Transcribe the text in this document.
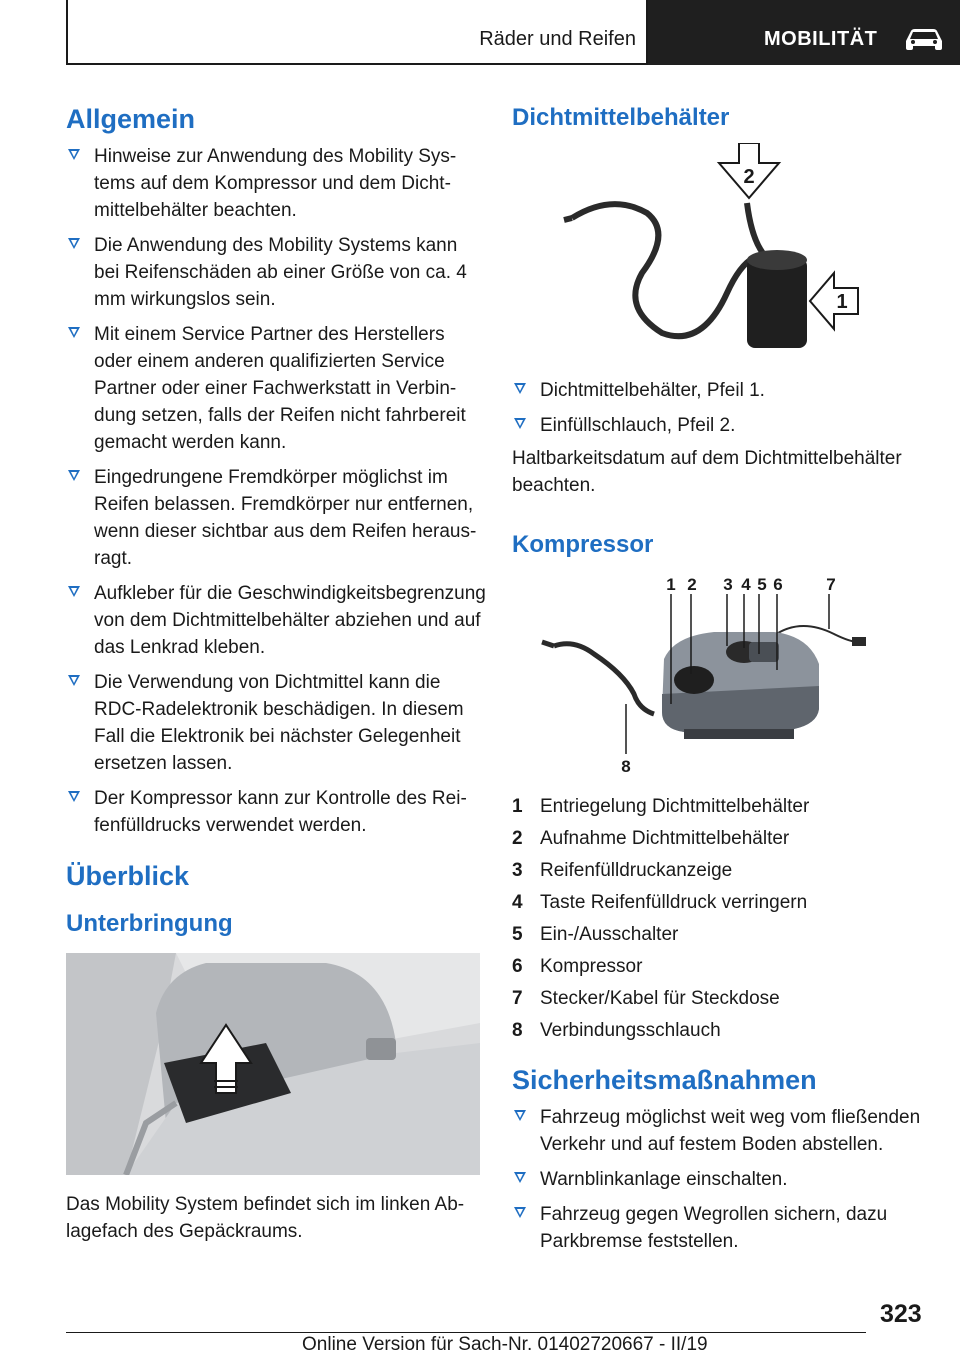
Räder und Reifen	MOBILITÄT
Allgemein
Hinweise zur Anwendung des Mobility Systems auf dem Kompressor und dem Dichtmittelbehälter beachten.
Die Anwendung des Mobility Systems kann bei Reifenschäden ab einer Größe von ca. 4 mm wirkungslos sein.
Mit einem Service Partner des Herstellers oder einem anderen qualifizierten Service Partner oder einer Fachwerkstatt in Verbindung setzen, falls der Reifen nicht fahrbereit gemacht werden kann.
Eingedrungene Fremdkörper möglichst im Reifen belassen. Fremdkörper nur entfernen, wenn dieser sichtbar aus dem Reifen herausragt.
Aufkleber für die Geschwindigkeitsbegrenzung von dem Dichtmittelbehälter abziehen und auf das Lenkrad kleben.
Die Verwendung von Dichtmittel kann die RDC-Radelektronik beschädigen. In diesem Fall die Elektronik bei nächster Gelegenheit ersetzen lassen.
Der Kompressor kann zur Kontrolle des Reifenfülldrucks verwendet werden.
Überblick
Unterbringung

Das Mobility System befindet sich im linken Ablagefach des Gepäckraums.

Dichtmittelbehälter
2
1
Dichtmittelbehälter, Pfeil 1.
Einfüllschlauch, Pfeil 2.

Haltbarkeitsdatum auf dem Dichtmittelbehälter beachten.

Kompressor
1 2 3 4 5 6	7
8
1 Entriegelung Dichtmittelbehälter
2 Aufnahme Dichtmittelbehälter
3 Reifenfülldruckanzeige
4 Taste Reifenfülldruck verringern
5 Ein-/Ausschalter
6 Kompressor
7 Stecker/Kabel für Steckdose
8 Verbindungsschlauch
Sicherheitsmaßnahmen
Fahrzeug möglichst weit weg vom fließenden Verkehr und auf festem Boden abstellen.
Warnblinkanlage einschalten.
Fahrzeug gegen Wegrollen sichern, dazu Parkbremse feststellen.
323
Online Version für Sach-Nr. 01402720667 - II/19
